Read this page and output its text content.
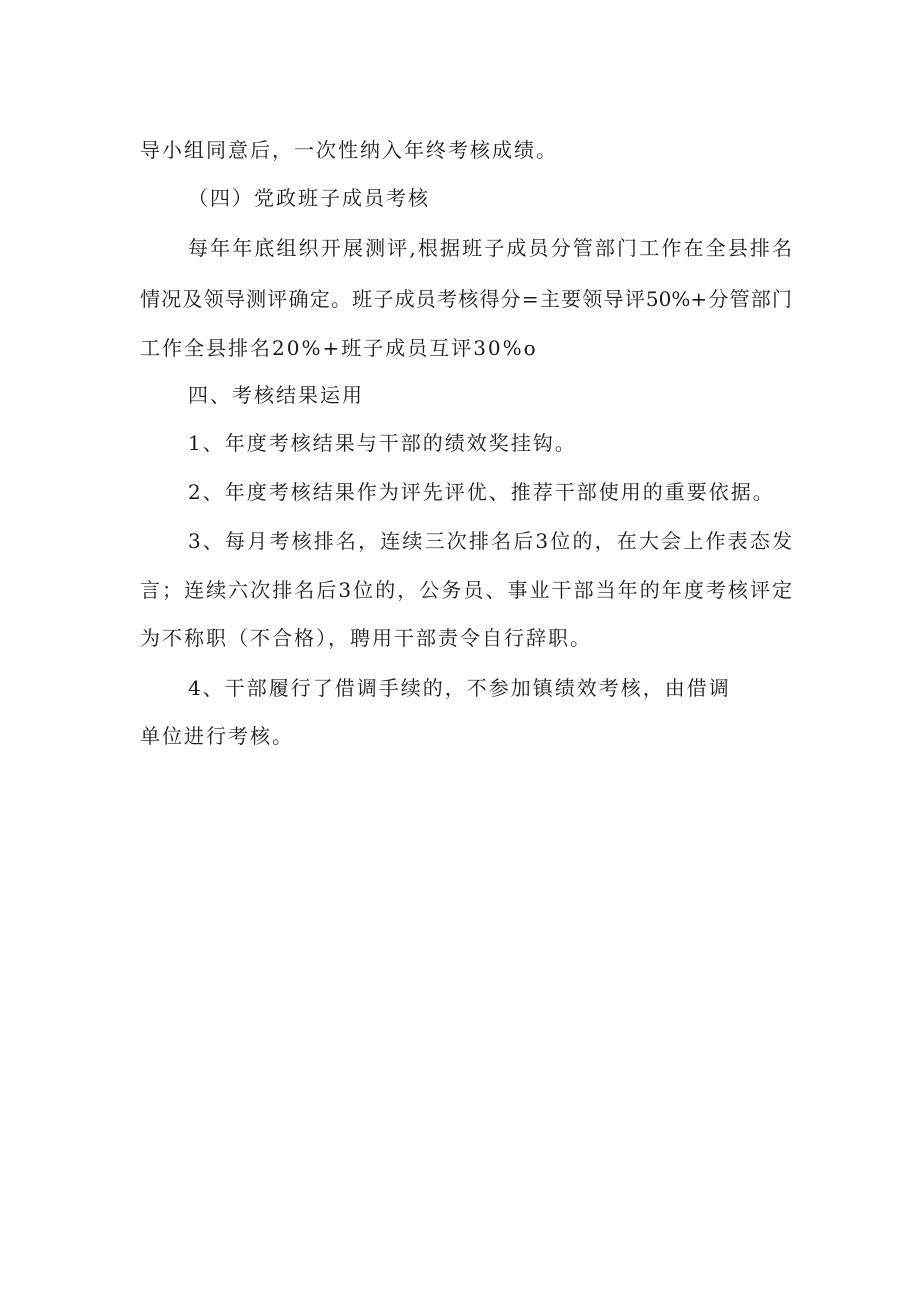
导小组同意后，一次性纳入年终考核成绩。
（四）党政班子成员考核
每年年底组织开展测评,根据班子成员分管部门工作在全县排名
情况及领导测评确定。班子成员考核得分=主要领导评50%+分管部门
工作全县排名20%+班子成员互评30%o
四、考核结果运用
1、年度考核结果与干部的绩效奖挂钩。
2、年度考核结果作为评先评优、推荐干部使用的重要依据。
3、每月考核排名，连续三次排名后3位的，在大会上作表态发
言；连续六次排名后3位的，公务员、事业干部当年的年度考核评定
为不称职（不合格），聘用干部责令自行辞职。
4、干部履行了借调手续的，不参加镇绩效考核，由借调
单位进行考核。
